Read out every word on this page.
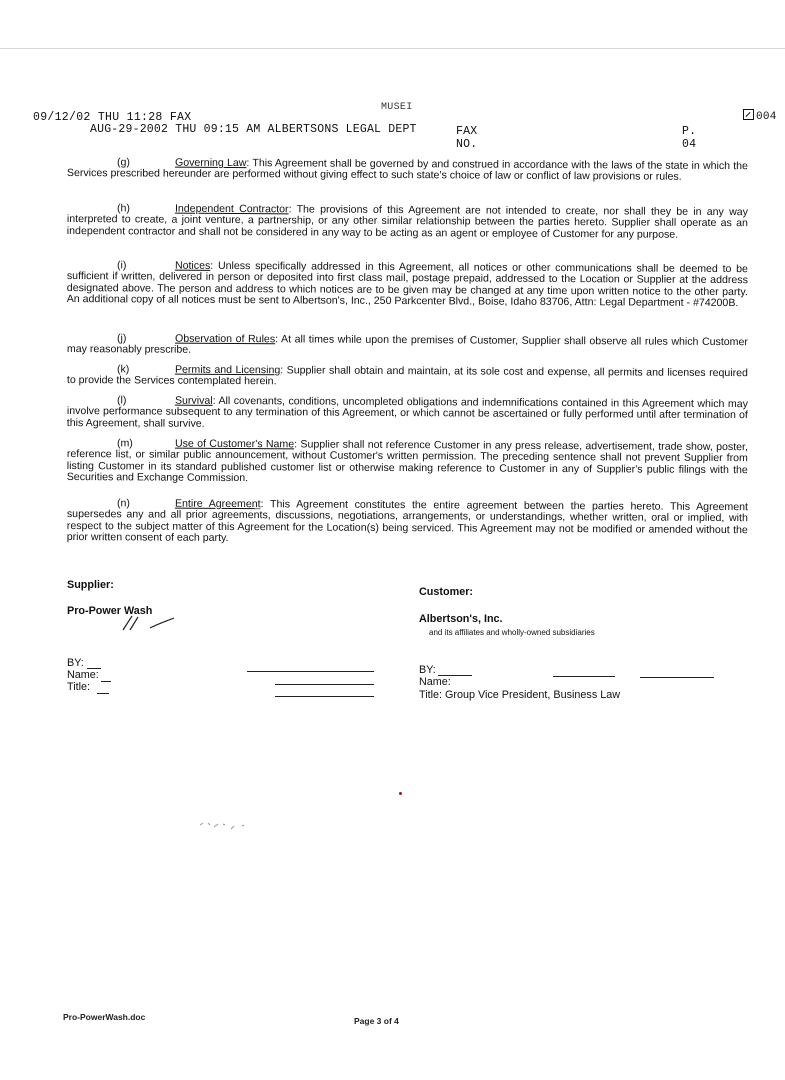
09/12/02 THU 11:28 FAX
MUSEI
004
AUG-29-2002 THU 09:15 AM ALBERTSONS LEGAL DEPT	FAX NO.
P. 04
(g)	Governing Law: This Agreement shall be governed by and construed in accordance with the laws of the state in which the Services prescribed hereunder are performed without giving effect to such state's choice of law or conflict of law provisions or rules.
(h)	Independent Contractor: The provisions of this Agreement are not intended to create, nor shall they be in any way interpreted to create, a joint venture, a partnership, or any other similar relationship between the parties hereto. Supplier shall operate as an independent contractor and shall not be considered in any way to be acting as an agent or employee of Customer for any purpose.
(i)	Notices: Unless specifically addressed in this Agreement, all notices or other communications shall be deemed to be sufficient if written, delivered in person or deposited into first class mail, postage prepaid, addressed to the Location or Supplier at the address designated above. The person and address to which notices are to be given may be changed at any time upon written notice to the other party. An additional copy of all notices must be sent to Albertson's, Inc., 250 Parkcenter Blvd., Boise, Idaho 83706, Attn: Legal Department - #74200B.
(j)	Observation of Rules: At all times while upon the premises of Customer, Supplier shall observe all rules which Customer may reasonably prescribe.
(k)	Permits and Licensing: Supplier shall obtain and maintain, at its sole cost and expense, all permits and licenses required to provide the Services contemplated herein.
(l)	Survival: All covenants, conditions, uncompleted obligations and indemnifications contained in this Agreement which may involve performance subsequent to any termination of this Agreement, or which cannot be ascertained or fully performed until after termination of this Agreement, shall survive.
(m)	Use of Customer's Name: Supplier shall not reference Customer in any press release, advertisement, trade show, poster, reference list, or similar public announcement, without Customer's written permission. The preceding sentence shall not prevent Supplier from listing Customer in its standard published customer list or otherwise making reference to Customer in any of Supplier's public filings with the Securities and Exchange Commission.
(n)	Entire Agreement: This Agreement constitutes the entire agreement between the parties hereto. This Agreement supersedes any and all prior agreements, discussions, negotiations, arrangements, or understandings, whether written, oral or implied, with respect to the subject matter of this Agreement for the Location(s) being serviced. This Agreement may not be modified or amended without the prior written consent of each party.
Supplier:
Pro-Power Wash
BY:
Name:
Title:
Customer:
Albertson's, Inc.
and its affiliates and wholly-owned subsidiaries
BY:
Name:
Title: Group Vice President, Business Law
Pro-PowerWash.doc	Page 3 of 4
